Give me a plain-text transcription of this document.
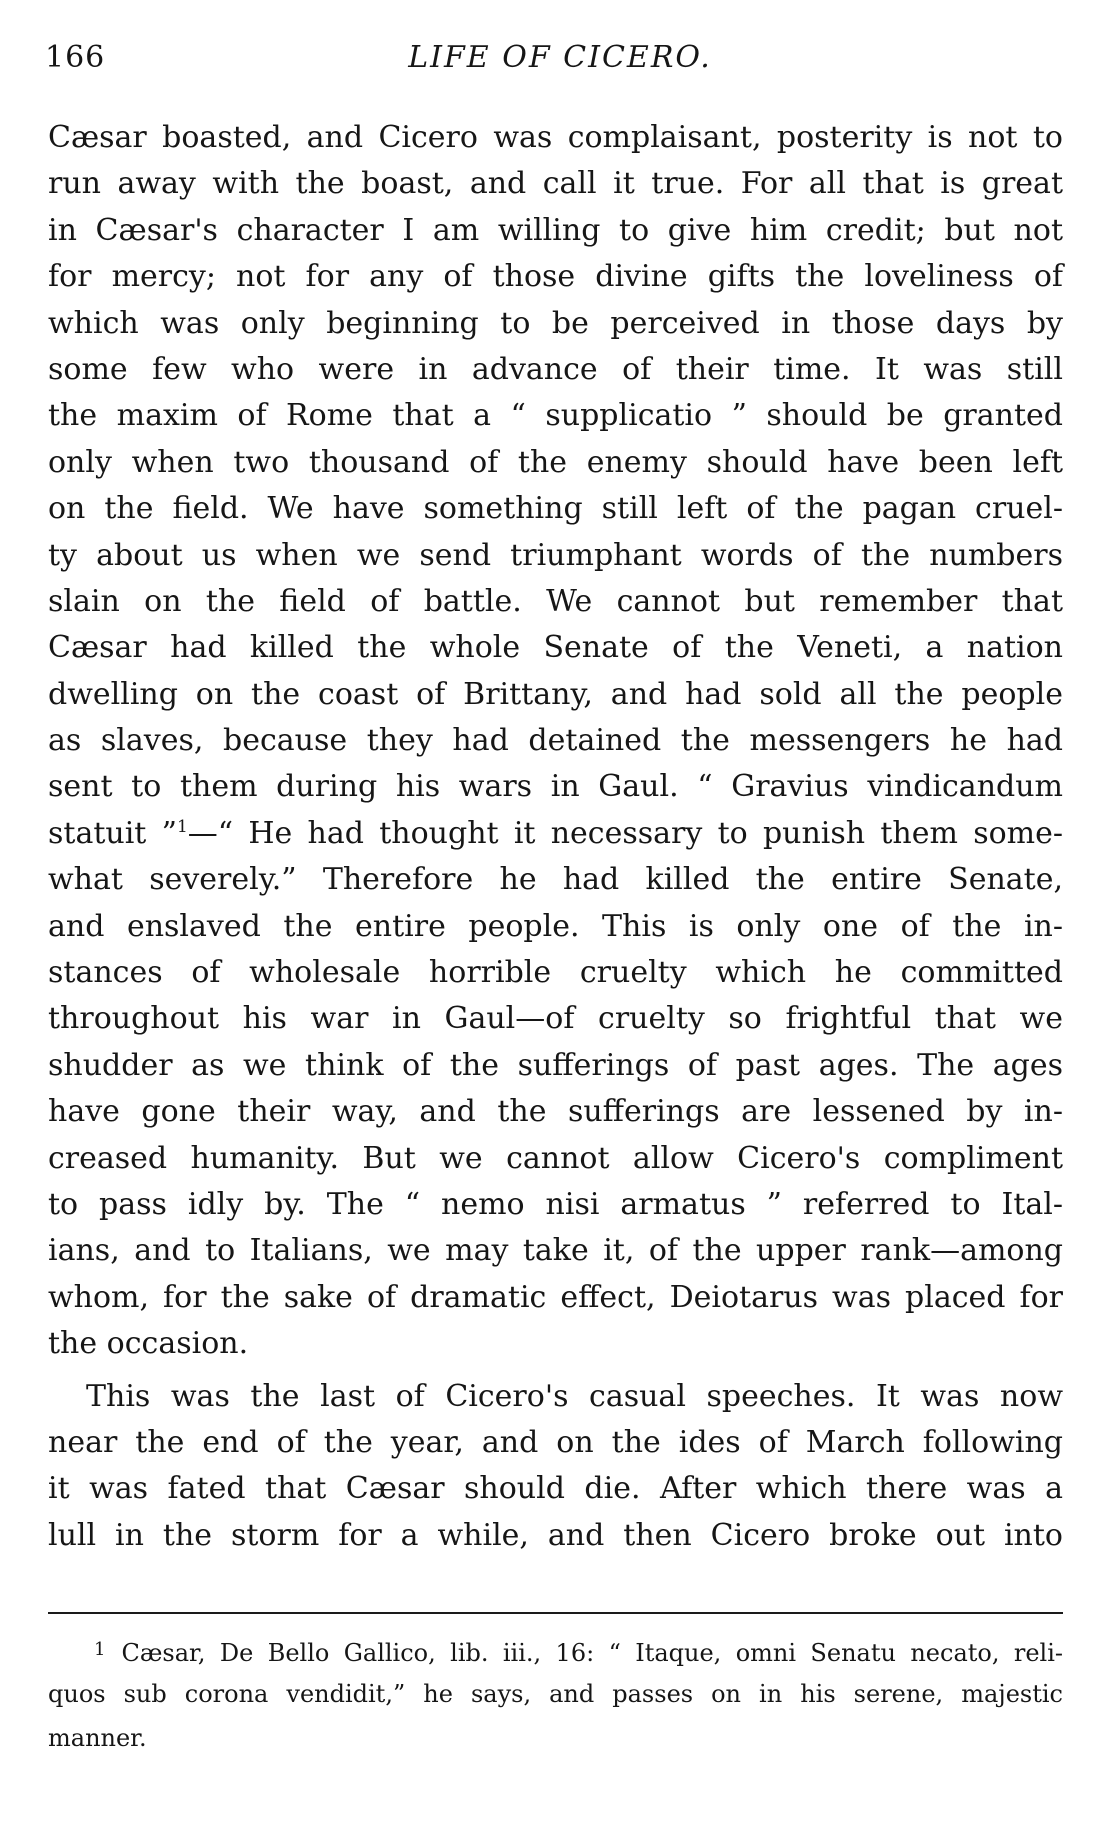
166	LIFE OF CICERO.
Cæsar boasted, and Cicero was complaisant, posterity is not to
run away with the boast, and call it true. For all that is great
in Cæsar's character I am willing to give him credit; but not
for mercy; not for any of those divine gifts the loveliness of
which was only beginning to be perceived in those days by
some few who were in advance of their time. It was still
the maxim of Rome that a “ supplicatio ” should be granted
only when two thousand of the enemy should have been left
on the field. We have something still left of the pagan cruel-
ty about us when we send triumphant words of the numbers
slain on the field of battle. We cannot but remember that
Cæsar had killed the whole Senate of the Veneti, a nation
dwelling on the coast of Brittany, and had sold all the people
as slaves, because they had detained the messengers he had
sent to them during his wars in Gaul. “ Gravius vindicandum
statuit ”$^1$—“ He had thought it necessary to punish them some-
what severely.” Therefore he had killed the entire Senate,
and enslaved the entire people. This is only one of the in-
stances of wholesale horrible cruelty which he committed
throughout his war in Gaul—of cruelty so frightful that we
shudder as we think of the sufferings of past ages. The ages
have gone their way, and the sufferings are lessened by in-
creased humanity. But we cannot allow Cicero's compliment
to pass idly by. The “ nemo nisi armatus ” referred to Ital-
ians, and to Italians, we may take it, of the upper rank—among
whom, for the sake of dramatic effect, Deiotarus was placed for
the occasion.
This was the last of Cicero's casual speeches. It was now
near the end of the year, and on the ides of March following
it was fated that Cæsar should die. After which there was a
lull in the storm for a while, and then Cicero broke out into
$^1$ Cæsar, De Bello Gallico, lib. iii., 16: “ Itaque, omni Senatu necato, reli-
quos sub corona vendidit,” he says, and passes on in his serene, majestic
manner.
